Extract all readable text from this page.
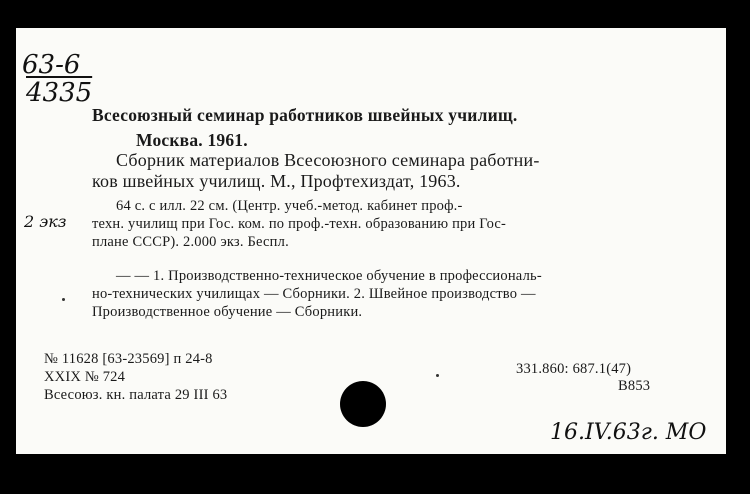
63-6
4335
2 экз
Всесоюзный семинар работников швейных училищ.
Москва. 1961.
Сборник материалов Всесоюзного семинара работни-
ков швейных училищ. М., Профтехиздат, 1963.
64 с. с илл. 22 см. (Центр. учеб.-метод. кабинет проф.-
техн. училищ при Гос. ком. по проф.-техн. образованию при Гос-
плане СССР). 2.000 экз. Беспл.
— — 1. Производственно-техническое обучение в профессиональ-
но-технических училищах — Сборники. 2. Швейное производство —
Производственное обучение — Сборники.
№ 11628 [63-23569] п 24-8
XXIX № 724
Всесоюз. кн. палата 29 III 63
331.860: 687.1(47)
В853
16.IV.63г. МО
